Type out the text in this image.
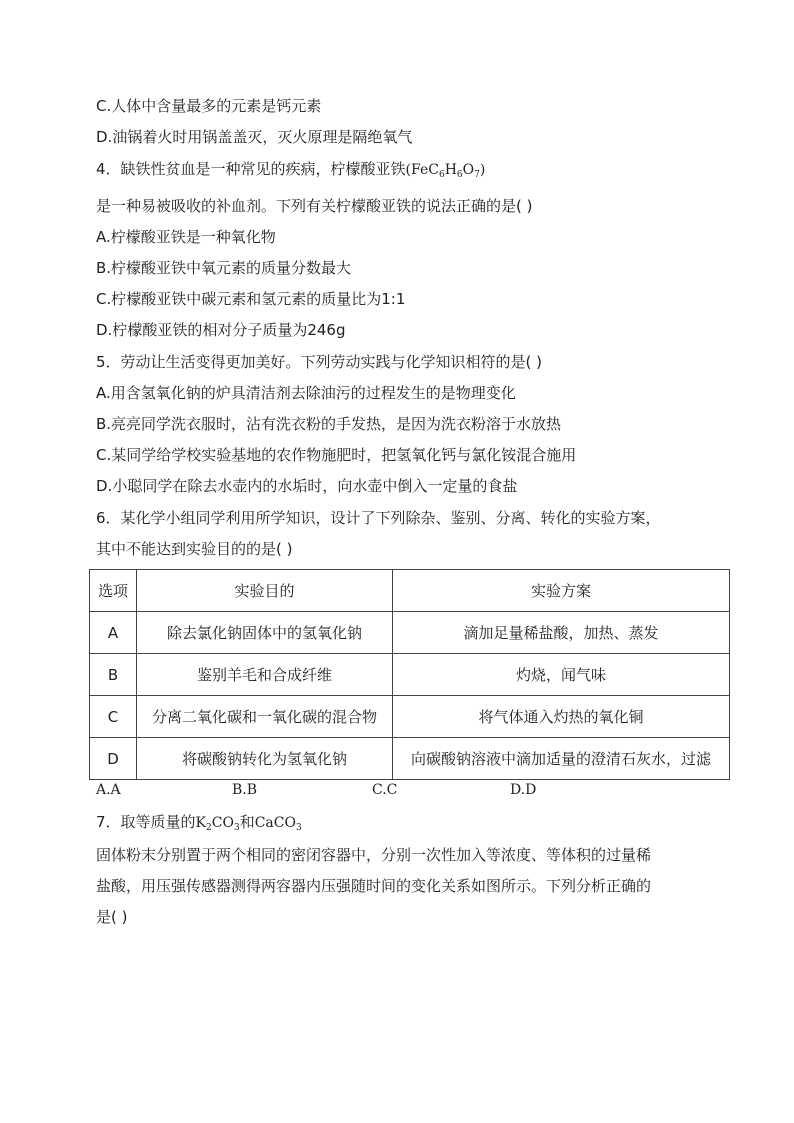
C.人体中含量最多的元素是钙元素
D.油锅着火时用锅盖盖灭，灭火原理是隔绝氧气
4．缺铁性贫血是一种常见的疾病，柠檬酸亚铁$(FeC_6H_6O_7)$
是一种易被吸收的补血剂。下列有关柠檬酸亚铁的说法正确的是( )
A.柠檬酸亚铁是一种氧化物
B.柠檬酸亚铁中氧元素的质量分数最大
C.柠檬酸亚铁中碳元素和氢元素的质量比为1:1
D.柠檬酸亚铁的相对分子质量为246g
5．劳动让生活变得更加美好。下列劳动实践与化学知识相符的是( )
A.用含氢氧化钠的炉具清洁剂去除油污的过程发生的是物理变化
B.亮亮同学洗衣服时，沾有洗衣粉的手发热，是因为洗衣粉溶于水放热
C.某同学给学校实验基地的农作物施肥时，把氢氧化钙与氯化铵混合施用
D.小聪同学在除去水壶内的水垢时，向水壶中倒入一定量的食盐
6．某化学小组同学利用所学知识，设计了下列除杂、鉴别、分离、转化的实验方案，
其中不能达到实验目的的是( )
选项	实验目的	实验方案
A	除去氯化钠固体中的氢氧化钠	滴加足量稀盐酸，加热、蒸发
B	鉴别羊毛和合成纤维	灼烧，闻气味
C	分离二氧化碳和一氧化碳的混合物	将气体通入灼热的氧化铜
D	将碳酸钠转化为氢氧化钠	向碳酸钠溶液中滴加适量的澄清石灰水，过滤
A.A	B.B	C.C	D.D
7．取等质量的$K_2CO_3$和CaCO$_3$
固体粉末分别置于两个相同的密闭容器中，分别一次性加入等浓度、等体积的过量稀
盐酸，用压强传感器测得两容器内压强随时间的变化关系如图所示。下列分析正确的
是( )
